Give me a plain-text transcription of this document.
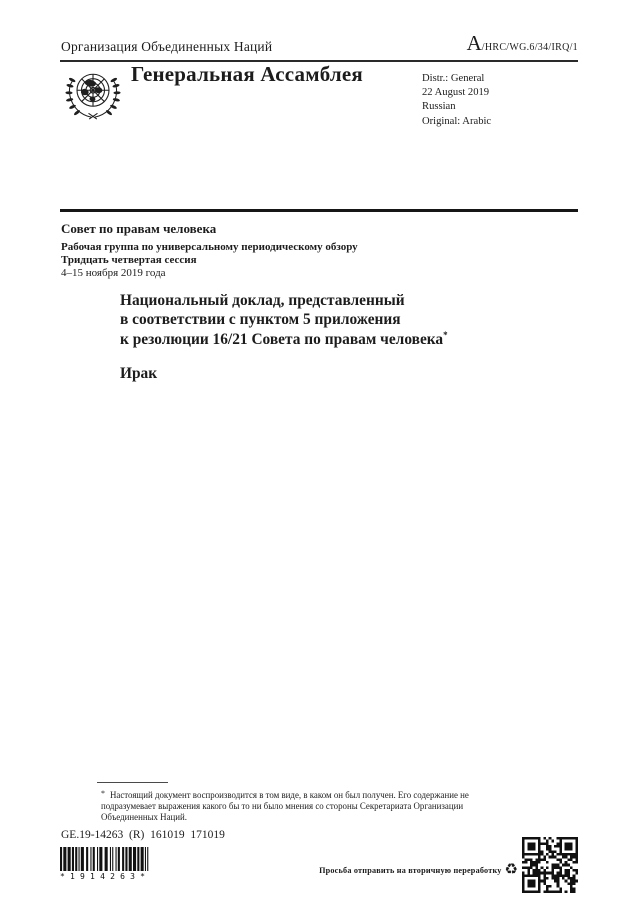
Организация Объединенных Наций	A/HRC/WG.6/34/IRQ/1
Генеральная Ассамблея	Distr.: General
22 August 2019
Russian
Original: Arabic
Совет по правам человека
Рабочая группа по универсальному периодическому обзору
Тридцать четвертая сессия
4–15 ноября 2019 года
Национальный доклад, представленный
в соответствии с пунктом 5 приложения
к резолюции 16/21 Совета по правам человека*
Ирак
* Настоящий документ воспроизводится в том виде, в каком он был получен. Его содержание не подразумевает выражения какого бы то ни было мнения со стороны Секретариата Организации Объединенных Наций.
GE.19-14263  (R)  161019  171019
*1914263*
Просьба отправить на вторичную переработку ♻
